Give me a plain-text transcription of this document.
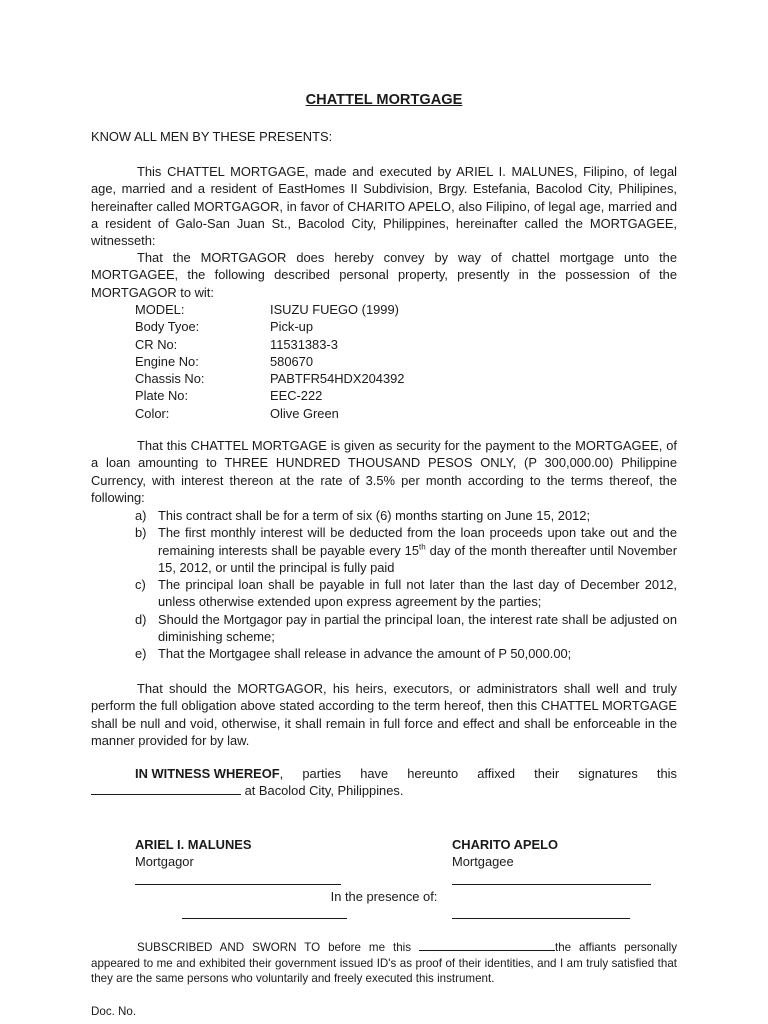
CHATTEL MORTGAGE

KNOW ALL MEN BY THESE PRESENTS:

This CHATTEL MORTGAGE, made and executed by ARIEL I. MALUNES, Filipino, of legal age, married and a resident of EastHomes II Subdivision, Brgy. Estefania, Bacolod City, Philipines, hereinafter called MORTGAGOR, in favor of CHARITO APELO, also Filipino, of legal age, married and a resident of Galo-San Juan St., Bacolod City, Philippines, hereinafter called the MORTGAGEE, witnesseth:

That the MORTGAGOR does hereby convey by way of chattel mortgage unto the MORTGAGEE, the following described personal property, presently in the possession of the MORTGAGOR to wit:

MODEL:	ISUZU FUEGO (1999)
Body Tyoe:	Pick-up
CR No:	11531383-3
Engine No:	580670
Chassis No:	PABTFR54HDX204392
Plate No:	EEC-222
Color:	Olive Green

That this CHATTEL MORTGAGE is given as security for the payment to the MORTGAGEE, of a loan amounting to THREE HUNDRED THOUSAND PESOS ONLY, (P 300,000.00) Philippine Currency, with interest thereon at the rate of 3.5% per month according to the terms thereof, the following:

a) This contract shall be for a term of six (6) months starting on June 15, 2012;
b) The first monthly interest will be deducted from the loan proceeds upon take out and the remaining interests shall be payable every 15th day of the month thereafter until November 15, 2012, or until the principal is fully paid
c) The principal loan shall be payable in full not later than the last day of December 2012, unless otherwise extended upon express agreement by the parties;
d) Should the Mortgagor pay in partial the principal loan, the interest rate shall be adjusted on diminishing scheme;
e) That the Mortgagee shall release in advance the amount of P 50,000.00;

That should the MORTGAGOR, his heirs, executors, or administrators shall well and truly perform the full obligation above stated according to the term hereof, then this CHATTEL MORTGAGE shall be null and void, otherwise, it shall remain in full force and effect and shall be enforceable in the manner provided for by law.

IN WITNESS WHEREOF, parties have hereunto affixed their signatures this
at Bacolod City, Philippines.
ARIEL I. MALUNES
Mortgagor
CHARITO APELO
Mortgagee
In the presence of:

SUBSCRIBED AND SWORN TO before me this	the affiants personally appeared to me and exhibited their government issued ID's as proof of their identities, and I am truly satisfied that they are the same persons who voluntarily and freely executed this instrument.

Doc. No.
